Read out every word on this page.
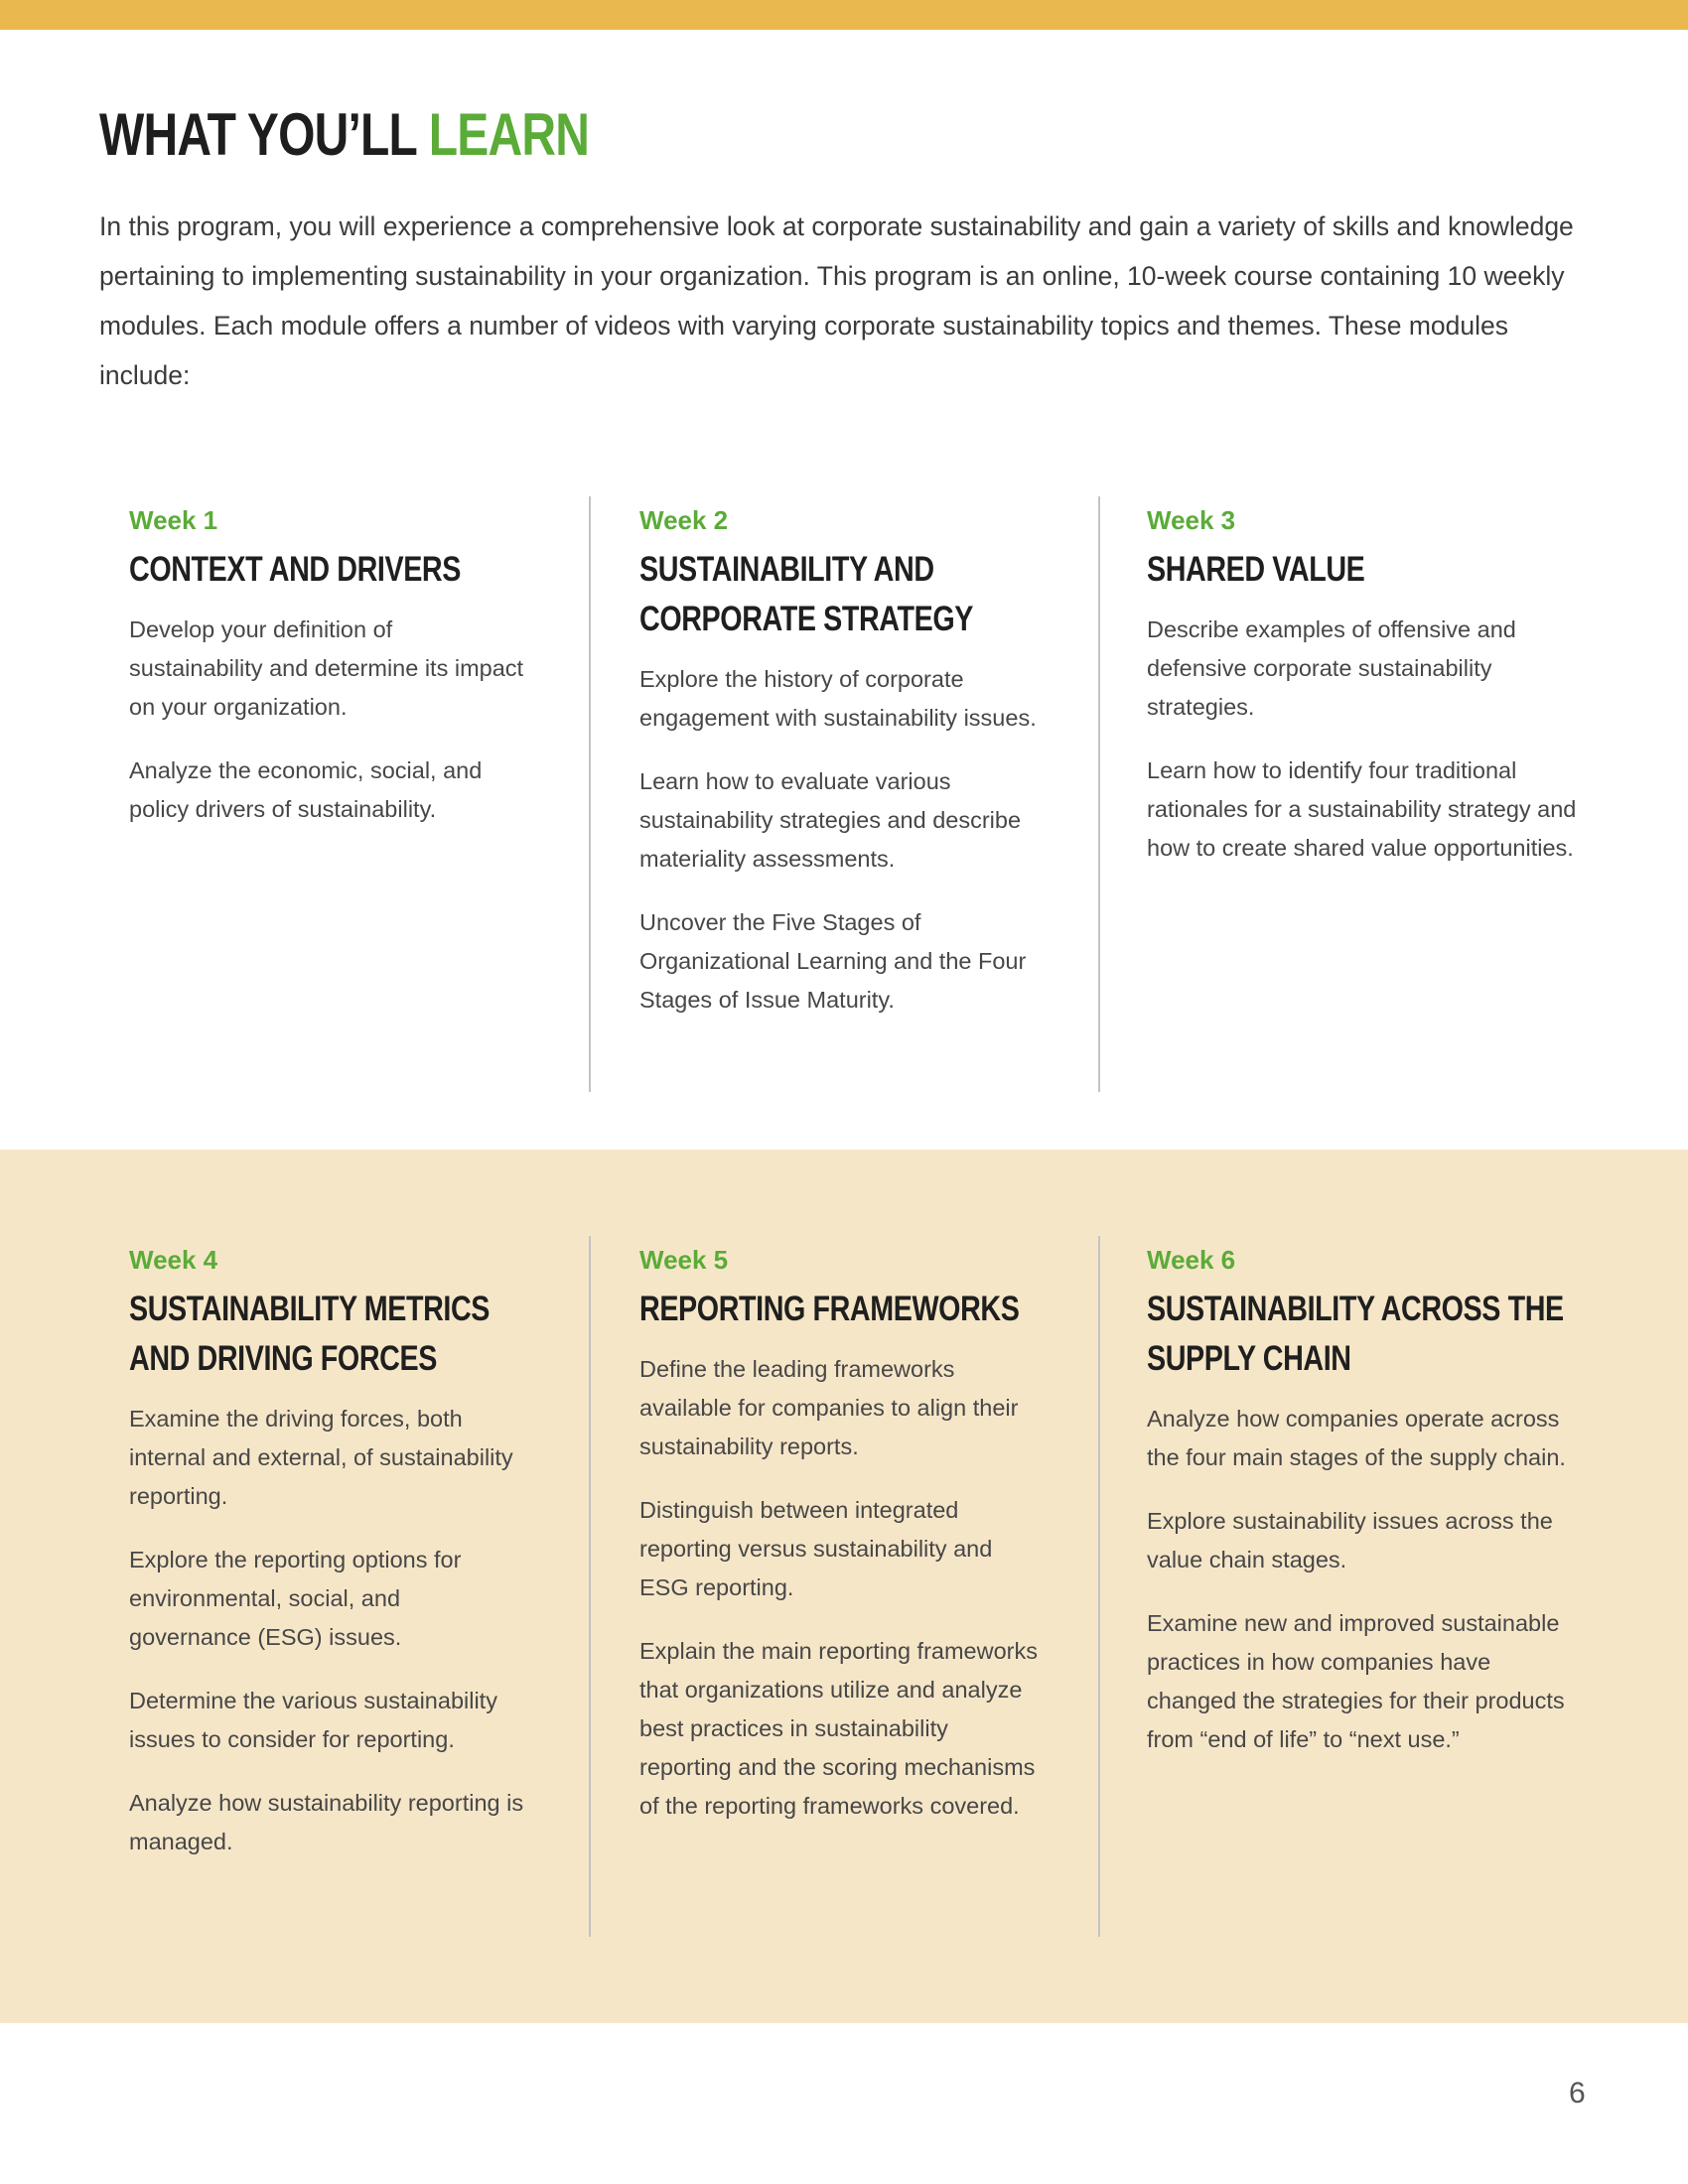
WHAT YOU’LL LEARN

In this program, you will experience a comprehensive look at corporate sustainability and gain a variety of skills and knowledge pertaining to implementing sustainability in your organization. This program is an online, 10-week course containing 10 weekly modules. Each module offers a number of videos with varying corporate sustainability topics and themes. These modules include:

Week 1
CONTEXT AND DRIVERS

Develop your definition of sustainability and determine its impact on your organization.

Analyze the economic, social, and policy drivers of sustainability.

Week 2
SUSTAINABILITY AND CORPORATE STRATEGY

Explore the history of corporate engagement with sustainability issues.

Learn how to evaluate various sustainability strategies and describe materiality assessments.

Uncover the Five Stages of Organizational Learning and the Four Stages of Issue Maturity.

Week 3
SHARED VALUE

Describe examples of offensive and defensive corporate sustainability strategies.

Learn how to identify four traditional rationales for a sustainability strategy and how to create shared value opportunities.

Week 4
SUSTAINABILITY METRICS AND DRIVING FORCES

Examine the driving forces, both internal and external, of sustainability reporting.

Explore the reporting options for environmental, social, and governance (ESG) issues.

Determine the various sustainability issues to consider for reporting.

Analyze how sustainability reporting is managed.

Week 5
REPORTING FRAMEWORKS

Define the leading frameworks available for companies to align their sustainability reports.

Distinguish between integrated reporting versus sustainability and ESG reporting.

Explain the main reporting frameworks that organizations utilize and analyze best practices in sustainability reporting and the scoring mechanisms of the reporting frameworks covered.

Week 6
SUSTAINABILITY ACROSS THE SUPPLY CHAIN

Analyze how companies operate across the four main stages of the supply chain.

Explore sustainability issues across the value chain stages.

Examine new and improved sustainable practices in how companies have changed the strategies for their products from “end of life” to “next use.”

6
